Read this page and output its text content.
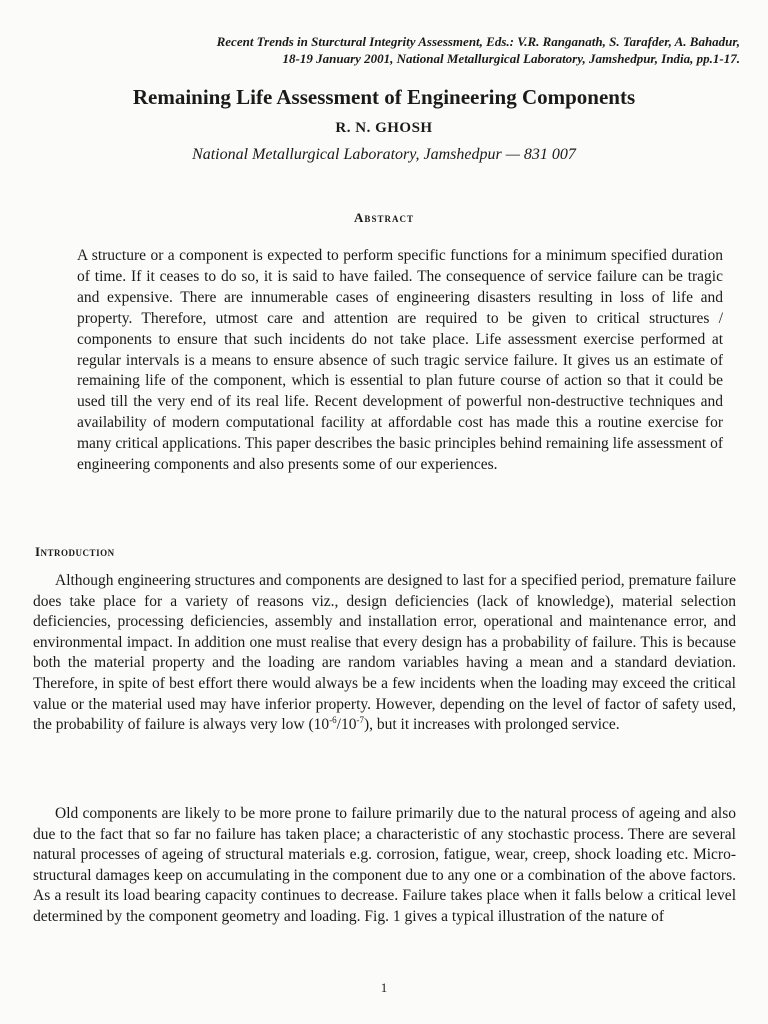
Recent Trends in Sturctural Integrity Assessment, Eds.: V.R. Ranganath, S. Tarafder, A. Bahadur,
18-19 January 2001, National Metallurgical Laboratory, Jamshedpur, India, pp.1-17.
Remaining Life Assessment of Engineering Components
R. N. GHOSH
National Metallurgical Laboratory, Jamshedpur — 831 007
Abstract

A structure or a component is expected to perform specific functions for a minimum specified duration of time. If it ceases to do so, it is said to have failed. The consequence of service failure can be tragic and expensive. There are innumerable cases of engineering disasters resulting in loss of life and property. Therefore, utmost care and attention are required to be given to critical structures / components to ensure that such incidents do not take place. Life assessment exercise performed at regular intervals is a means to ensure absence of such tragic service failure. It gives us an estimate of remaining life of the component, which is essential to plan future course of action so that it could be used till the very end of its real life. Recent development of powerful non-destructive techniques and availability of modern computational facility at affordable cost has made this a routine exercise for many critical applications. This paper describes the basic principles behind remaining life assessment of engineering components and also presents some of our experiences.

Introduction

Although engineering structures and components are designed to last for a specified period, premature failure does take place for a variety of reasons viz., design deficiencies (lack of knowledge), material selection deficiencies, processing deficiencies, assembly and installation error, operational and maintenance error, and environmental impact. In addition one must realise that every design has a probability of failure. This is because both the material property and the loading are random variables having a mean and a standard deviation. Therefore, in spite of best effort there would always be a few incidents when the loading may exceed the critical value or the material used may have inferior property. However, depending on the level of factor of safety used, the probability of failure is always very low $(10^{-6}/10^{-7})$, but it increases with prolonged service.

Old components are likely to be more prone to failure primarily due to the natural process of ageing and also due to the fact that so far no failure has taken place; a characteristic of any stochastic process. There are several natural processes of ageing of structural materials e.g. corrosion, fatigue, wear, creep, shock loading etc. Micro-structural damages keep on accumulating in the component due to any one or a combination of the above factors. As a result its load bearing capacity continues to decrease. Failure takes place when it falls below a critical level determined by the component geometry and loading. Fig. 1 gives a typical illustration of the nature of

1
